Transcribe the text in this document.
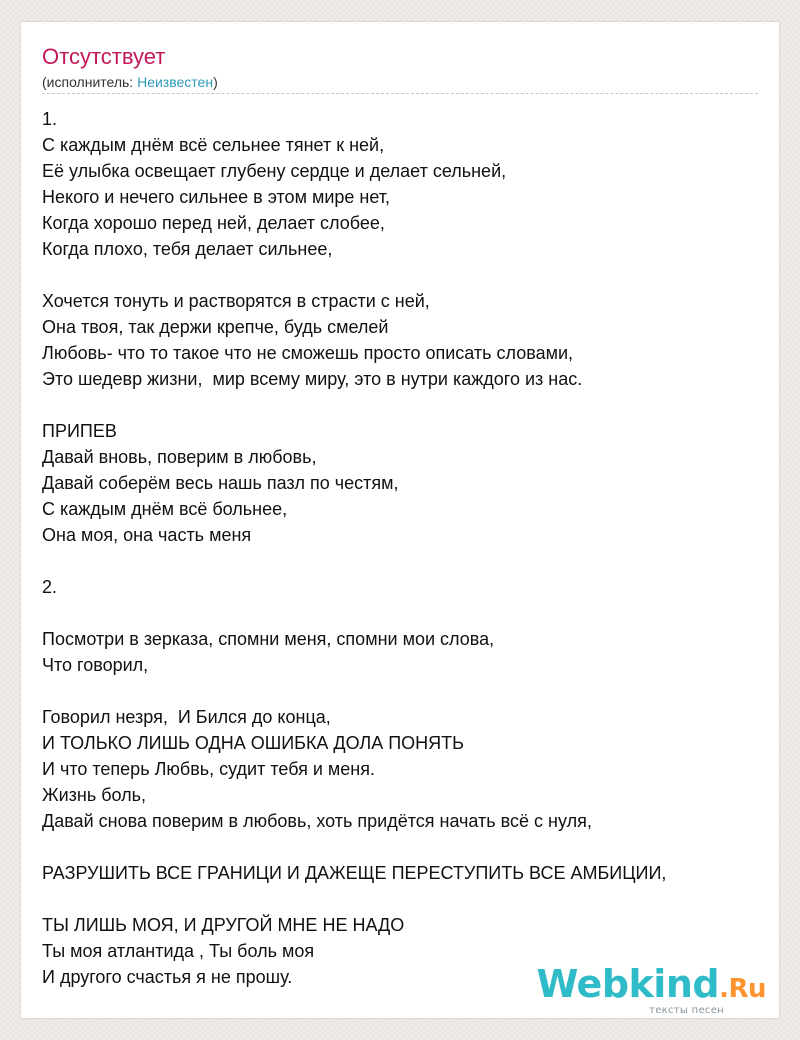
Отсутствует
(исполнитель: Неизвестен)
1.
С каждым днём всё сельнее тянет к ней,
Её улыбка освещает глубену сердце и делает сельней,
Некого и нечего сильнее в этом мире нет,
Когда хорошо перед ней, делает слобее,
Когда плохо, тебя делает сильнее,
Хочется тонуть и растворятся в страсти с ней,
Она твоя, так держи крепче, будь смелей
Любовь- что то такое что не сможешь просто описать словами,
Это шедевр жизни,  мир всему миру, это в нутри каждого из нас.
ПРИПЕВ
Давай вновь, поверим в любовь,
Давай соберём весь нашь пазл по честям,
С каждым днём всё больнее,
Она моя, она часть меня
2.
Посмотри в зерказа, спомни меня, спомни мои слова,
Что говорил,
Говорил незря,  И Бился до конца,
И ТОЛЬКО ЛИШЬ ОДНА ОШИБКА ДОЛА ПОНЯТЬ
И что теперь Любвь, судит тебя и меня.
Жизнь боль,
Давай снова поверим в любовь, хоть придётся начать всё с нуля,
РАЗРУШИТЬ ВСЕ ГРАНИЦИ И ДАЖЕЩЕ ПЕРЕСТУПИТЬ ВСЕ АМБИЦИИ,
ТЫ ЛИШЬ МОЯ, И ДРУГОЙ МНЕ НЕ НАДО
Ты моя атлантида , Ты боль моя
И другого счастья я не прошу.	Webkind.Ru
тексты песен
